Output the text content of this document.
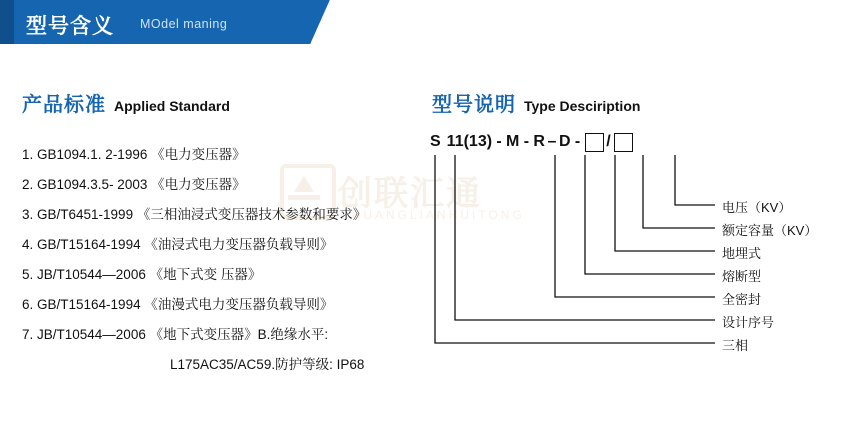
型号含义 MOdel maning
创联汇通
CHUANGLIANHUITONG
产品标准 Applied Standard
1. GB1094.1. 2-1996 《电力变压器》
2. GB1094.3.5- 2003 《电力变压器》
3. GB/T6451-1999 《三相油浸式变压器技术参数和要求》
4. GB/T15164-1994 《油浸式电力变压器负载导则》
5. JB/T10544—2006 《地下式变 压器》
6. GB/T15164-1994 《油漫式电力变压器负载导则》
7. JB/T10544—2006 《地下式变压器》B.绝缘水平:
L175AC35/AC59.防护等级: IP68
型号说明 Type Desciription
S 11(13) - M - R – D - /
电压（KV）
额定容量（KV）
地埋式
熔断型
全密封
设计序号
三相
